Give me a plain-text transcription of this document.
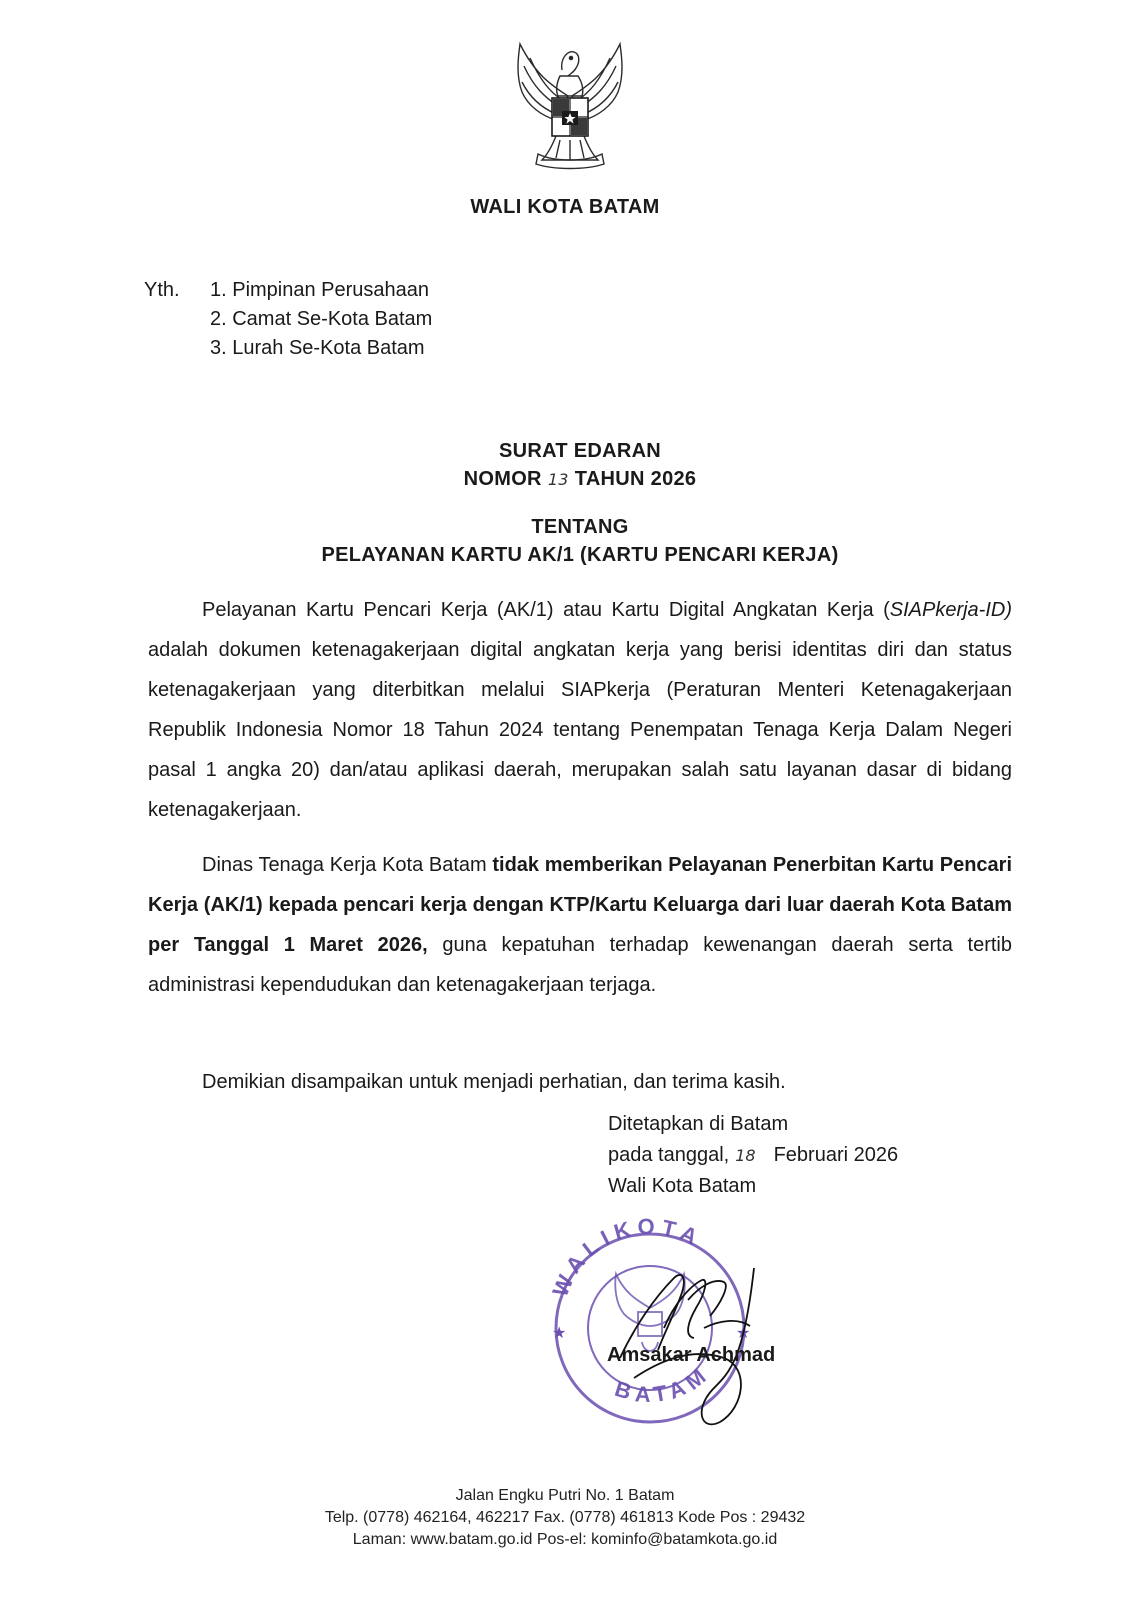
WALI KOTA BATAM
Yth. 1. Pimpinan Perusahaan
2. Camat Se-Kota Batam
3. Lurah Se-Kota Batam
SURAT EDARAN
NOMOR 13 TAHUN 2026
TENTANG
PELAYANAN KARTU AK/1 (KARTU PENCARI KERJA)

Pelayanan Kartu Pencari Kerja (AK/1) atau Kartu Digital Angkatan Kerja (SIAPkerja-ID) adalah dokumen ketenagakerjaan digital angkatan kerja yang berisi identitas diri dan status ketenagakerjaan yang diterbitkan melalui SIAPkerja (Peraturan Menteri Ketenagakerjaan Republik Indonesia Nomor 18 Tahun 2024 tentang Penempatan Tenaga Kerja Dalam Negeri pasal 1 angka 20) dan/atau aplikasi daerah, merupakan salah satu layanan dasar di bidang ketenagakerjaan.

Dinas Tenaga Kerja Kota Batam tidak memberikan Pelayanan Penerbitan Kartu Pencari Kerja (AK/1) kepada pencari kerja dengan KTP/Kartu Keluarga dari luar daerah Kota Batam per Tanggal 1 Maret 2026, guna kepatuhan terhadap kewenangan daerah serta tertib administrasi kependudukan dan ketenagakerjaan terjaga.

Demikian disampaikan untuk menjadi perhatian, dan terima kasih.

Ditetapkan di Batam
pada tanggal, 18 Februari 2026
Wali Kota Batam
WALIKOTA
BATAM
★	★
Amsakar Achmad
Jalan Engku Putri No. 1 Batam
Telp. (0778) 462164, 462217 Fax. (0778) 461813 Kode Pos : 29432
Laman: www.batam.go.id Pos-el: kominfo@batamkota.go.id
